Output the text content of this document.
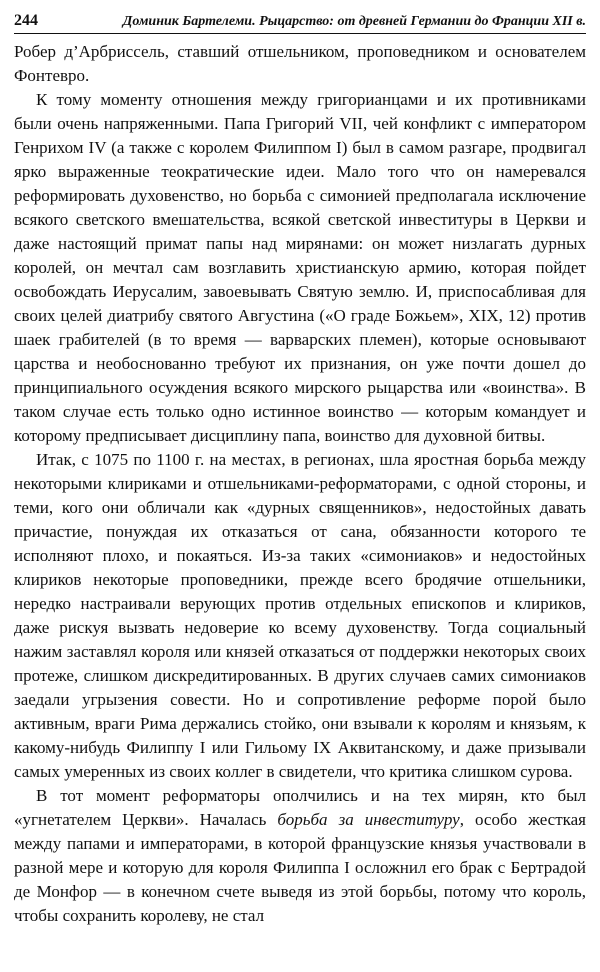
244	Доминик Бартелеми. Рыцарство: от древней Германии до Франции XII в.

Робер д’Арбриссель, ставший отшельником, проповедником и основателем Фонтевро.

К тому моменту отношения между григорианцами и их противниками были очень напряженными. Папа Григорий VII, чей конфликт с императором Генрихом IV (а также с королем Филиппом I) был в самом разгаре, продвигал ярко выраженные теократические идеи. Мало того что он намеревался реформировать духовенство, но борьба с симонией предполагала исключение всякого светского вмешательства, всякой светской инвеституры в Церкви и даже настоящий примат папы над мирянами: он может низлагать дурных королей, он мечтал сам возглавить христианскую армию, которая пойдет освобождать Иерусалим, завоевывать Святую землю. И, приспосабливая для своих целей диатрибу святого Августина («О граде Божьем», XIX, 12) против шаек грабителей (в то время — варварских племен), которые основывают царства и необоснованно требуют их признания, он уже почти дошел до принципиального осуждения всякого мирского рыцарства или «воинства». В таком случае есть только одно истинное воинство — которым командует и которому предписывает дисциплину папа, воинство для духовной битвы.

Итак, с 1075 по 1100 г. на местах, в регионах, шла яростная борьба между некоторыми клириками и отшельниками-реформаторами, с одной стороны, и теми, кого они обличали как «дурных священников», недостойных давать причастие, понуждая их отказаться от сана, обязанности которого те исполняют плохо, и покаяться. Из-за таких «симониаков» и недостойных клириков некоторые проповедники, прежде всего бродячие отшельники, нередко настраивали верующих против отдельных епископов и клириков, даже рискуя вызвать недоверие ко всему духовенству. Тогда социальный нажим заставлял короля или князей отказаться от поддержки некоторых своих протеже, слишком дискредитированных. В других случаев самих симониаков заедали угрызения совести. Но и сопротивление реформе порой было активным, враги Рима держались стойко, они взывали к королям и князьям, к какому-нибудь Филиппу I или Гильому IX Аквитанскому, и даже призывали самых умеренных из своих коллег в свидетели, что критика слишком сурова.

В тот момент реформаторы ополчились и на тех мирян, кто был «угнетателем Церкви». Началась борьба за инвеституру, особо жесткая между папами и императорами, в которой французские князья участвовали в разной мере и которую для короля Филиппа I осложнил его брак с Бертрадой де Монфор — в конечном счете выведя из этой борьбы, потому что король, чтобы сохранить королеву, не стал
